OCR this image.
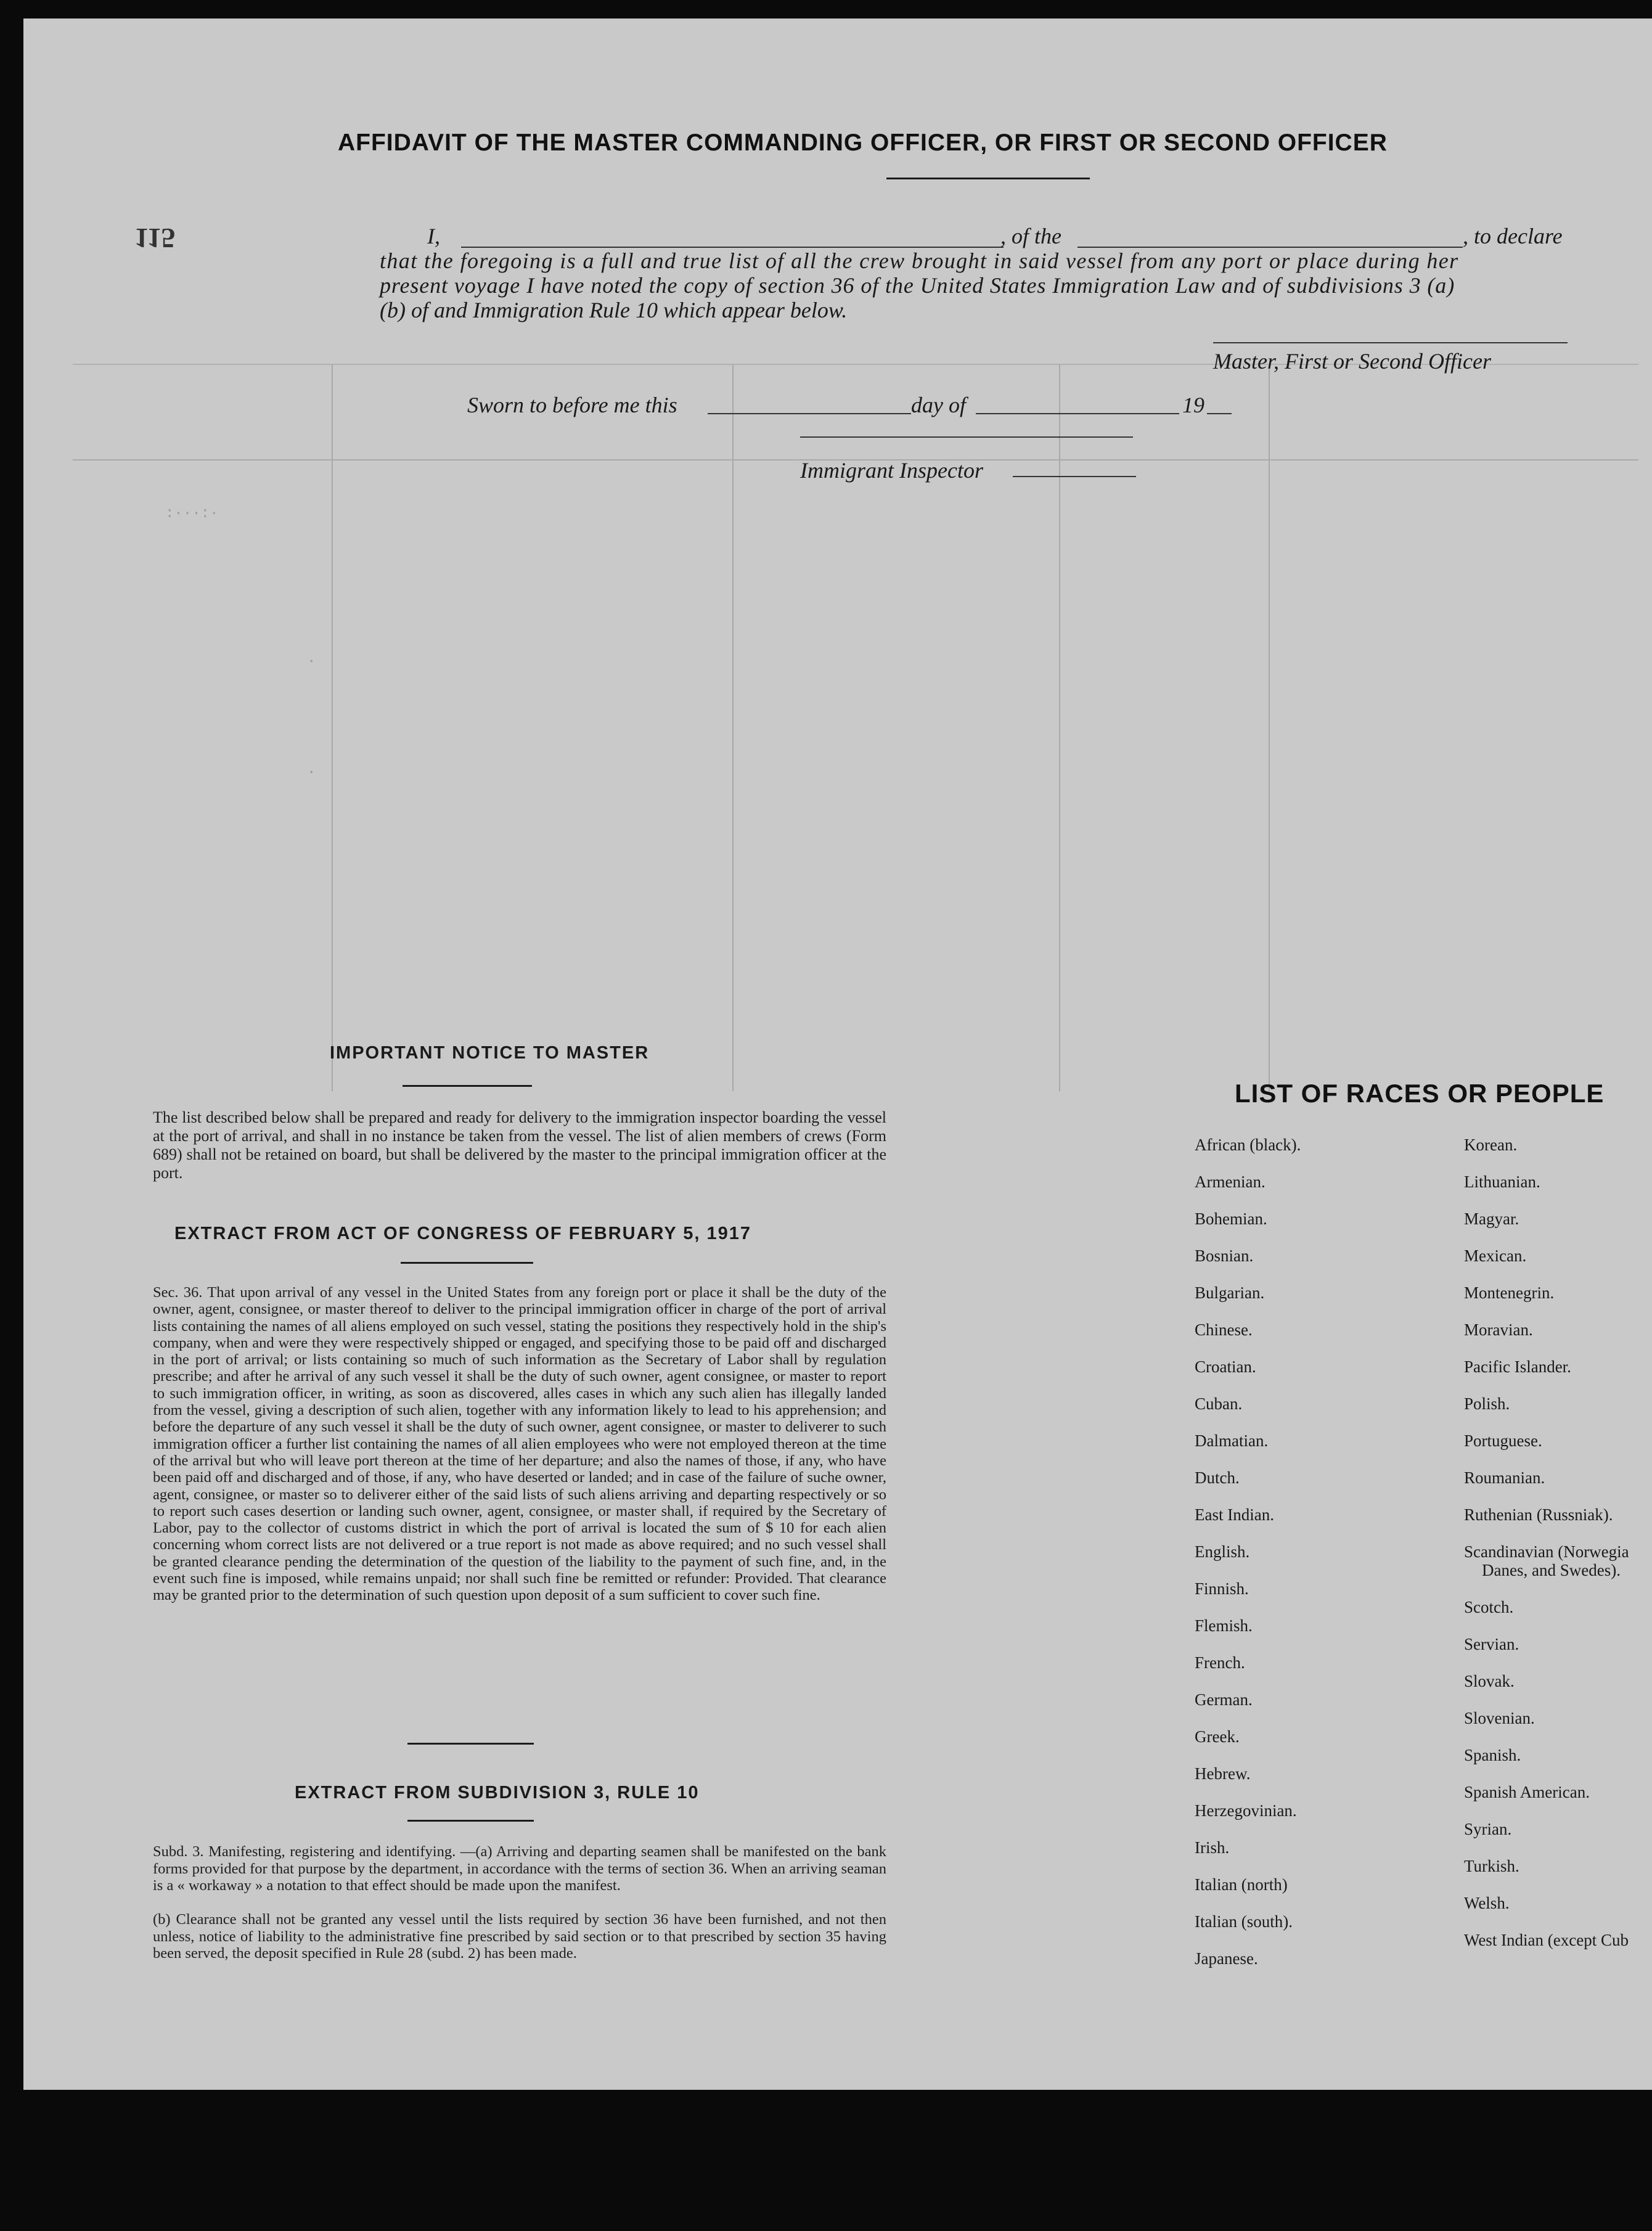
AFFIDAVIT OF THE MASTER COMMANDING OFFICER, OR FIRST OR SECOND OFFICER
115	I,	, of the	, to declare
that the foregoing is a full and true list of all the crew brought in said vessel from any port or place during her
present voyage I have noted the copy of section 36 of the United States Immigration Law and of subdivisions 3 (a)
(b) of and Immigration Rule 10 which appear below.
Master, First or Second Officer
Sworn to before me this	day of	19
Immigrant Inspector
:···:·
·
·
IMPORTANT NOTICE TO MASTER
The list described below shall be prepared and ready for delivery to the immigration inspector boarding the vessel at the port of arrival, and shall in no instance be taken from the vessel. The list of alien members of crews (Form 689) shall not be retained on board, but shall be delivered by the master to the principal immigration officer at the port.
EXTRACT FROM ACT OF CONGRESS OF FEBRUARY 5, 1917
Sec. 36. That upon arrival of any vessel in the United States from any foreign port or place it shall be the duty of the owner, agent, consignee, or master thereof to deliver to the principal immigration officer in charge of the port of arrival lists containing the names of all aliens employed on such vessel, stating the positions they respectively hold in the ship's company, when and were they were respectively shipped or engaged, and specifying those to be paid off and discharged in the port of arrival; or lists containing so much of such information as the Secretary of Labor shall by regulation prescribe; and after he arrival of any such vessel it shall be the duty of such owner, agent consignee, or master to report to such immigration officer, in writing, as soon as discovered, alles cases in which any such alien has illegally landed from the vessel, giving a description of such alien, together with any information likely to lead to his apprehension; and before the departure of any such vessel it shall be the duty of such owner, agent consignee, or master to deliverer to such immigration officer a further list containing the names of all alien employees who were not employed thereon at the time of the arrival but who will leave port thereon at the time of her departure; and also the names of those, if any, who have been paid off and discharged and of those, if any, who have deserted or landed; and in case of the failure of suche owner, agent, consignee, or master so to deliverer either of the said lists of such aliens arriving and departing respectively or so to report such cases desertion or landing such owner, agent, consignee, or master shall, if required by the Secretary of Labor, pay to the collector of customs district in which the port of arrival is located the sum of $ 10 for each alien concerning whom correct lists are not delivered or a true report is not made as above required; and no such vessel shall be granted clearance pending the determination of the question of the liability to the payment of such fine, and, in the event such fine is imposed, while remains unpaid; nor shall such fine be remitted or refunder: Provided. That clearance may be granted prior to the determination of such question upon deposit of a sum sufficient to cover such fine.
EXTRACT FROM SUBDIVISION 3, RULE 10
Subd. 3. Manifesting, registering and identifying. —(a) Arriving and departing seamen shall be manifested on the bank forms provided for that purpose by the department, in accordance with the terms of section 36. When an arriving seaman is a « workaway » a notation to that effect should be made upon the manifest.
(b) Clearance shall not be granted any vessel until the lists required by section 36 have been furnished, and not then unless, notice of liability to the administrative fine prescribed by said section or to that prescribed by section 35 having been served, the deposit specified in Rule 28 (subd. 2) has been made.
LIST OF RACES OR PEOPLE
African (black).
Armenian.
Bohemian.
Bosnian.
Bulgarian.
Chinese.
Croatian.
Cuban.
Dalmatian.
Dutch.
East Indian.
English.
Finnish.
Flemish.
French.
German.
Greek.
Hebrew.
Herzegovinian.
Irish.
Italian (north)
Italian (south).
Japanese.
Korean.
Lithuanian.
Magyar.
Mexican.
Montenegrin.
Moravian.
Pacific Islander.
Polish.
Portuguese.
Roumanian.
Ruthenian (Russniak).
Scandinavian (Norwegia
Danes, and Swedes).
Scotch.
Servian.
Slovak.
Slovenian.
Spanish.
Spanish American.
Syrian.
Turkish.
Welsh.
West Indian (except Cub
